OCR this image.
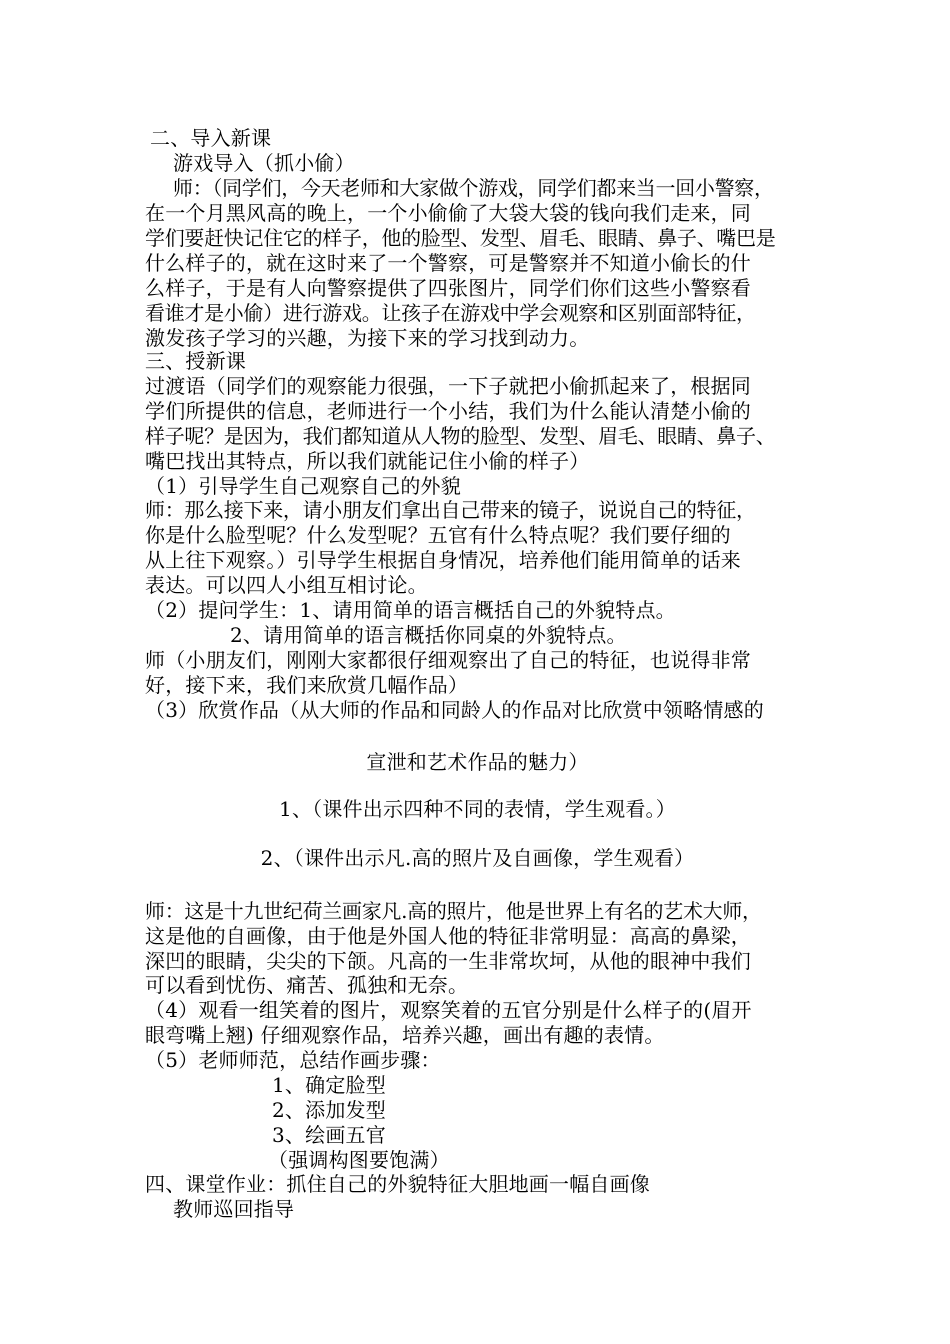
二、导入新课
游戏导入（抓小偷）
师：（同学们，今天老师和大家做个游戏，同学们都来当一回小警察，
在一个月黑风高的晚上，一个小偷偷了大袋大袋的钱向我们走来，同
学们要赶快记住它的样子，他的脸型、发型、眉毛、眼睛、鼻子、嘴巴是
什么样子的，就在这时来了一个警察，可是警察并不知道小偷长的什
么样子，于是有人向警察提供了四张图片，同学们你们这些小警察看
看谁才是小偷）进行游戏。让孩子在游戏中学会观察和区别面部特征，
激发孩子学习的兴趣，为接下来的学习找到动力。
三、授新课
过渡语（同学们的观察能力很强，一下子就把小偷抓起来了，根据同
学们所提供的信息，老师进行一个小结，我们为什么能认清楚小偷的
样子呢？是因为，我们都知道从人物的脸型、发型、眉毛、眼睛、鼻子、
嘴巴找出其特点，所以我们就能记住小偷的样子）
（1）引导学生自己观察自己的外貌
师：那么接下来，请小朋友们拿出自己带来的镜子，说说自己的特征，
你是什么脸型呢？什么发型呢？五官有什么特点呢？我们要仔细的
从上往下观察。）引导学生根据自身情况，培养他们能用简单的话来
表达。可以四人小组互相讨论。
（2）提问学生：1、请用简单的语言概括自己的外貌特点。
2、请用简单的语言概括你同桌的外貌特点。
师（小朋友们，刚刚大家都很仔细观察出了自己的特征，也说得非常
好，接下来，我们来欣赏几幅作品）
（3）欣赏作品（从大师的作品和同龄人的作品对比欣赏中领略情感的
宣泄和艺术作品的魅力）
1、（课件出示四种不同的表情，学生观看。）
2、（课件出示凡.高的照片及自画像，学生观看）
师：这是十九世纪荷兰画家凡.高的照片，他是世界上有名的艺术大师，
这是他的自画像，由于他是外国人他的特征非常明显：高高的鼻梁，
深凹的眼睛，尖尖的下颌。凡高的一生非常坎坷，从他的眼神中我们
可以看到忧伤、痛苦、孤独和无奈。
（4）观看一组笑着的图片，观察笑着的五官分别是什么样子的(眉开
眼弯嘴上翘) 仔细观察作品，培养兴趣，画出有趣的表情。
（5）老师师范，总结作画步骤：
1、确定脸型
2、添加发型
3、绘画五官
（强调构图要饱满）
四、课堂作业：抓住自己的外貌特征大胆地画一幅自画像
教师巡回指导
